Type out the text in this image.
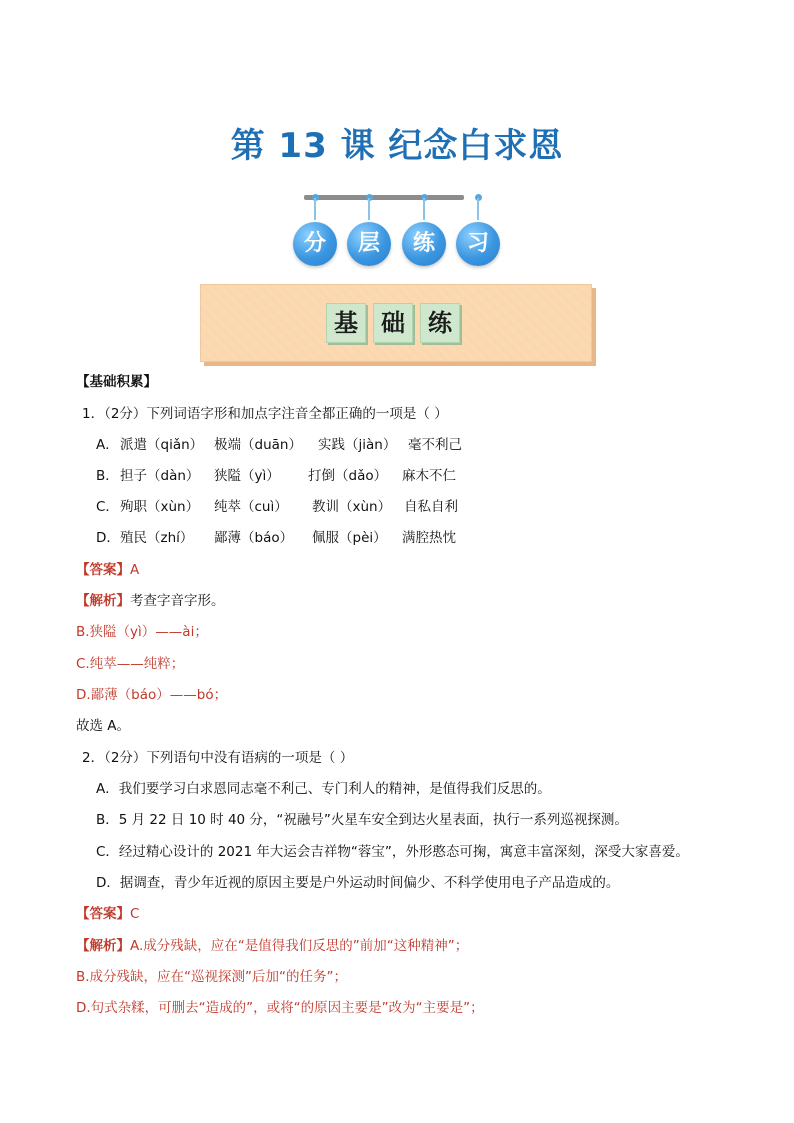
第 13 课 纪念白求恩
分	层	练	习
基 础 练
【基础积累】
1．（2分）下列词语字形和加点字注音全都正确的一项是（ ）
A． 派遣（qiǎn） 极端（duān） 实践（jiàn） 毫不利己
B． 担子（dàn） 狭隘（yì） 打倒（dǎo） 麻木不仁
C． 殉职（xùn） 纯萃（cuì） 教训（xùn） 自私自利
D． 殖民（zhí） 鄙薄（báo） 佩服（pèi） 满腔热忱
【答案】A
【解析】考查字音字形。
B.狭隘（yì）——ài；
C.纯萃——纯粹；
D.鄙薄（báo）——bó；
故选 A。
2．（2分）下列语句中没有语病的一项是（ ）
A．我们要学习白求恩同志毫不利己、专门利人的精神，是值得我们反思的。
B．5 月 22 日 10 时 40 分，“祝融号”火星车安全到达火星表面，执行一系列巡视探测。
C．经过精心设计的 2021 年大运会吉祥物“蓉宝”，外形憨态可掬，寓意丰富深刻，深受大家喜爱。
D．据调查，青少年近视的原因主要是户外运动时间偏少、不科学使用电子产品造成的。
【答案】C
【解析】A.成分残缺，应在“是值得我们反思的”前加“这种精神”；
B.成分残缺，应在“巡视探测”后加“的任务”；
D.句式杂糅，可删去“造成的”，或将“的原因主要是”改为“主要是”；
